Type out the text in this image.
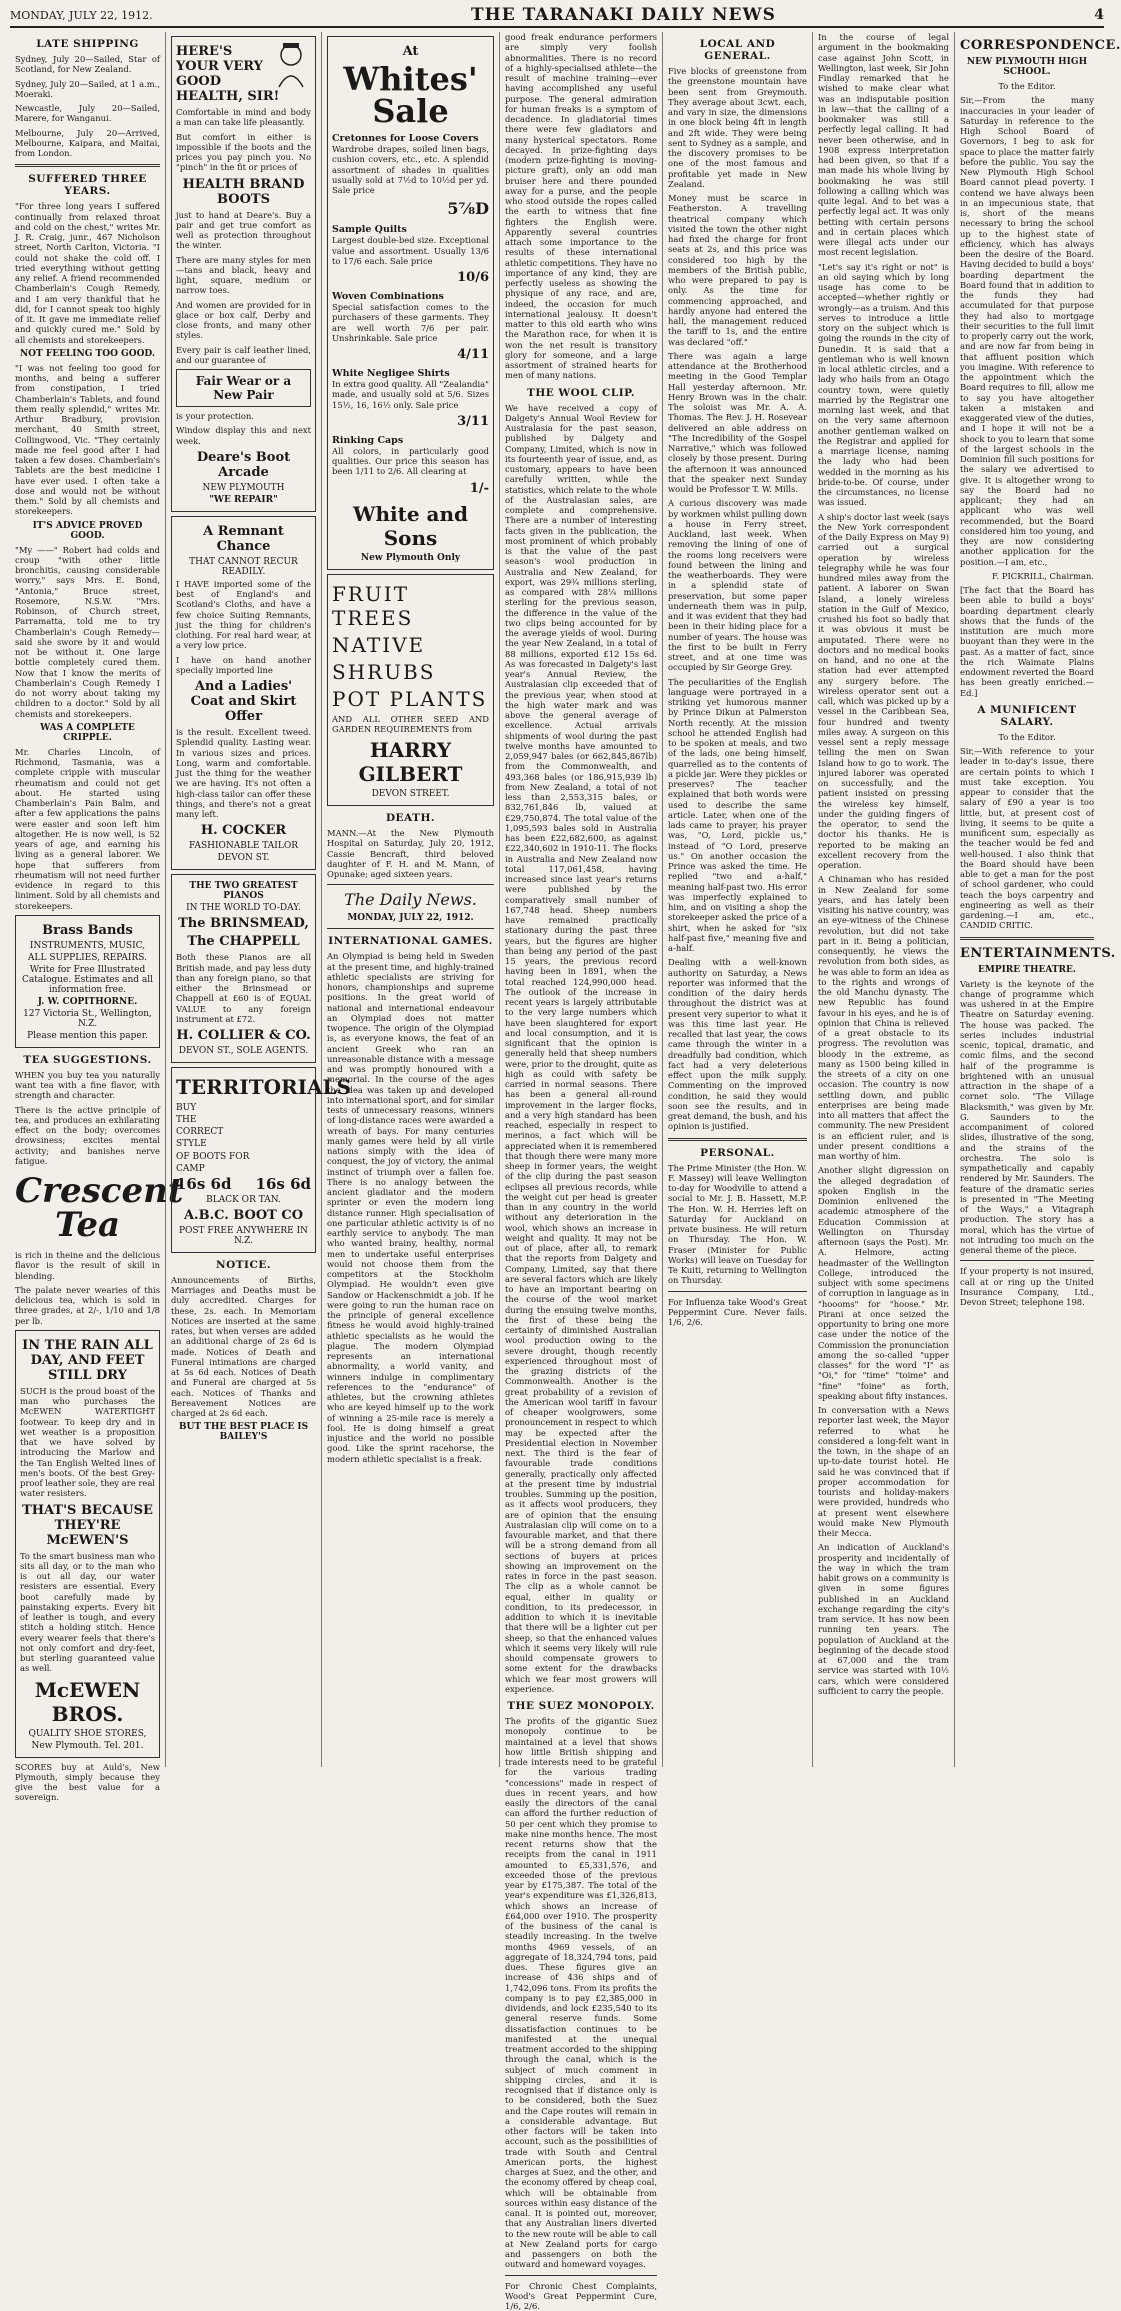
MONDAY, JULY 22, 1912.	THE TARANAKI DAILY NEWS	4
LATE SHIPPING

Sydney, July 20—Sailed, Star of Scotland, for New Zealand.

Sydney, July 20—Sailed, at 1 a.m., Moeraki.

Newcastle, July 20—Sailed, Marere, for Wanganui.

Melbourne, July 20—Arrived, Melbourne, Kaipara, and Maitai, from London.

SUFFERED THREE YEARS.

"For three long years I suffered continually from relaxed throat and cold on the chest," writes Mr. J. R. Craig, junr., 467 Nicholson street, North Carlton, Victoria. "I could not shake the cold off. I tried everything without getting any relief. A friend recommended Chamberlain's Cough Remedy, and I am very thankful that he did, for I cannot speak too highly of it. It gave me immediate relief and quickly cured me." Sold by all chemists and storekeepers.

NOT FEELING TOO GOOD.

"I was not feeling too good for months, and being a sufferer from constipation, I tried Chamberlain's Tablets, and found them really splendid," writes Mr. Arthur Bradbury, provision merchant, 40 Smith street, Collingwood, Vic. "They certainly made me feel good after I had taken a few doses. Chamberlain's Tablets are the best medicine I have ever used. I often take a dose and would not be without them." Sold by all chemists and storekeepers.

IT'S ADVICE PROVED GOOD.

"My ——" Robert had colds and croup "with other little bronchitis, causing considerable worry," says Mrs. E. Bond, "Antonia," Bruce street, Rosemore, N.S.W. "Mrs. Robinson, of Church street, Parramatta, told me to try Chamberlain's Cough Remedy—said she swore by it and would not be without it. One large bottle completely cured them. Now that I know the merits of Chamberlain's Cough Remedy I do not worry about taking my children to a doctor." Sold by all chemists and storekeepers.

WAS A COMPLETE CRIPPLE.

Mr. Charles Lincoln, of Richmond, Tasmania, was a complete cripple with muscular rheumatism and could not get about. He started using Chamberlain's Pain Balm, and after a few applications the pains were easier and soon left him altogether. He is now well, is 52 years of age, and earning his living as a general laborer. We hope that sufferers from rheumatism will not need further evidence in regard to this liniment. Sold by all chemists and storekeepers.

Brass Bands
INSTRUMENTS, MUSIC,
ALL SUPPLIES, REPAIRS.
Write for Free Illustrated Catalogue. Estimates and all information free.
J. W. COPITHORNE.
127 Victoria St., Wellington, N.Z.
Please mention this paper.
TEA SUGGESTIONS.

WHEN you buy tea you naturally want tea with a fine flavor, with strength and character.

There is the active principle of tea, and produces an exhilarating effect on the body; overcomes drowsiness; excites mental activity; and banishes nerve fatigue.

Crescent Tea

is rich in theine and the delicious flavor is the result of skill in blending.

The palate never wearies of this delicious tea, which is sold in three grades, at 2/-, 1/10 and 1/8 per lb.

IN THE RAIN ALL DAY, AND FEET STILL DRY

SUCH is the proud boast of the man who purchases the McEWEN WATERTIGHT footwear. To keep dry and in wet weather is a proposition that we have solved by introducing the Marlow and the Tan English Welted lines of men's boots. Of the best Grey-proof leather sole, they are real water resisters.

THAT'S BECAUSE THEY'RE McEWEN'S

To the smart business man who sits all day, or to the man who is out all day, our water resisters are essential. Every boot carefully made by painstaking experts. Every bit of leather is tough, and every stitch a holding stitch. Hence every wearer feels that there's not only comfort and dry-feet, but sterling guaranteed value as well.

McEWEN BROS.
QUALITY SHOE STORES,
New Plymouth. Tel. 201.

SCORES buy at Auld's, New Plymouth, simply because they give the best value for a sovereign.

HERE'S YOUR VERY GOOD HEALTH, SIR!

Comfortable in mind and body a man can take life pleasantly.

But comfort in either is impossible if the boots and the prices you pay pinch you. No "pinch" in the fit or prices of

HEALTH BRAND BOOTS

just to hand at Deare's. Buy a pair and get true comfort as well as protection throughout the winter.

There are many styles for men—tans and black, heavy and light, square, medium or narrow toes.

And women are provided for in glace or box calf, Derby and close fronts, and many other styles.

Every pair is calf leather lined, and our guarantee of

Fair Wear or a New Pair

is your protection.

Window display this and next week.

Deare's Boot Arcade
NEW PLYMOUTH
"WE REPAIR"
A Remnant Chance
THAT CANNOT RECUR READILY.

I HAVE imported some of the best of England's and Scotland's Cloths, and have a few choice Suiting Remnants, just the thing for children's clothing. For real hard wear, at a very low price.

I have on hand another specially imported line

And a Ladies' Coat and Skirt Offer

is the result. Excellent tweed. Splendid quality. Lasting wear. In various sizes and prices. Long, warm and comfortable. Just the thing for the weather we are having. It's not often a high-class tailor can offer these things, and there's not a great many left.

H. COCKER
FASHIONABLE TAILOR
DEVON ST.
THE TWO GREATEST PIANOS
IN THE WORLD TO-DAY.
The BRINSMEAD,
The CHAPPELL

Both these Pianos are all British made, and pay less duty than any foreign piano, so that either the Brinsmead or Chappell at £60 is of EQUAL VALUE to any foreign instrument at £72.

H. COLLIER & CO.
DEVON ST., SOLE AGENTS.
TERRITORIALS
BUY
THE
CORRECT
STYLE
OF BOOTS FOR
CAMP
16s 6d 16s 6d
BLACK OR TAN.
A.B.C. BOOT CO
POST FREE ANYWHERE IN N.Z.
NOTICE.

Announcements of Births, Marriages and Deaths must be duly accredited. Charges for these, 2s. each. In Memoriam Notices are inserted at the same rates, but when verses are added an additional charge of 2s 6d is made. Notices of Death and Funeral intimations are charged at 5s 6d each. Notices of Death and Funeral are charged at 5s each. Notices of Thanks and Bereavement Notices are charged at 2s 6d each.

BUT THE BEST PLACE IS BAILEY'S
At
Whites' Sale
Cretonnes for Loose Covers

Wardrobe drapes, soiled linen bags, cushion covers, etc., etc. A splendid assortment of shades in qualities usually sold at 7½d to 10½d per yd. Sale price

5⅞D
Sample Quilts

Largest double-bed size. Exceptional value and assortment. Usually 13/6 to 17/6 each. Sale price

10/6
Woven Combinations

Special satisfaction comes to the purchasers of these garments. They are well worth 7/6 per pair. Unshrinkable. Sale price

4/11
White Negligee Shirts

In extra good quality. All "Zealandia" made, and usually sold at 5/6. Sizes 15½, 16, 16½ only. Sale price

3/11
Rinking Caps

All colors, in particularly good qualities. Our price this season has been 1/11 to 2/6. All clearing at

1/-
White and Sons
New Plymouth Only
FRUIT TREES
NATIVE
SHRUBS
POT PLANTS

AND ALL OTHER SEED AND GARDEN REQUIREMENTS from

HARRY GILBERT
DEVON STREET.
DEATH.

MANN.—At the New Plymouth Hospital on Saturday, July 20, 1912, Cassie Bencraft, third beloved daughter of F. H. and M. Mann, of Opunake; aged sixteen years.

The Daily News.
MONDAY, JULY 22, 1912.
INTERNATIONAL GAMES.

An Olympiad is being held in Sweden at the present time, and highly-trained athletic specialists are striving for honors, championships and supreme positions. In the great world of national and international endeavour an Olympiad does not matter twopence. The origin of the Olympiad is, as everyone knows, the feat of an ancient Greek who ran an unreasonable distance with a message and was promptly honoured with a memorial. In the course of the ages the idea was taken up and developed into international sport, and for similar tests of unnecessary reasons, winners of long-distance races were awarded a wreath of bays. For many centuries manly games were held by all virile nations simply with the idea of conquest, the joy of victory, the animal instinct of triumph over a fallen foe. There is no analogy between the ancient gladiator and the modern sprinter or even the modern long distance runner. High specialisation of one particular athletic activity is of no earthly service to anybody. The man who wanted brainy, healthy, normal men to undertake useful enterprises would not choose them from the competitors at the Stockholm Olympiad. He wouldn't even give Sandow or Hackenschmidt a job. If he were going to run the human race on the principle of general excellence fitness he would avoid highly-trained athletic specialists as he would the plague. The modern Olympiad represents an international abnormality, a world vanity, and winners indulge in complimentary references to the "endurance" of athletes, but the crowning athletes who are keyed himself up to the work of winning a 25-mile race is merely a fool. He is doing himself a great injustice and the world no possible good. Like the sprint racehorse, the modern athletic specialist is a freak.

good freak endurance performers are simply very foolish abnormalities. There is no record of a highly-specialised athlete—the result of machine training—ever having accomplished any useful purpose. The general admiration for human freaks is a symptom of decadence. In gladiatorial times there were few gladiators and many hysterical spectators. Rome decayed. In prize-fighting days (modern prize-fighting is moving-picture graft), only an odd man bruiser here and there pounded away for a purse, and the people who stood outside the ropes called the earth to witness that fine fighters the English were. Apparently several countries attach some importance to the results of these international athletic competitions. They have no importance of any kind, they are perfectly useless as showing the physique of any race, and are, indeed, the occasion for much international jealousy. It doesn't matter to this old earth who wins the Marathon race, for when it is won the net result is transitory glory for someone, and a large assortment of strained hearts for men of many nations.

THE WOOL CLIP.

We have received a copy of Dalgety's Annual Wool Review for Australasia for the past season, published by Dalgety and Company, Limited, which is now in its fourteenth year of issue, and, as customary, appears to have been carefully written, while the statistics, which relate to the whole of the Australasian sales, are complete and comprehensive. There are a number of interesting facts given in the publication, the most prominent of which probably is that the value of the past season's wool production in Australia and New Zealand, for export, was 29¾ millions sterling, as compared with 28¼ millions sterling for the previous season, the difference in the value of the two clips being accounted for by the average yields of wool. During the year New Zealand, in a total of 88 millions, exported £12 15s 6d. As was forecasted in Dalgety's last year's Annual Review, the Australasian clip exceeded that of the previous year, when stood at the high water mark and was above the general average of excellence. Actual arrivals shipments of wool during the past twelve months have amounted to 2,059,947 bales (or 662,845,867lb) from the Commonwealth, and 493,368 bales (or 186,915,939 lb) from New Zealand, a total of not less than 2,553,315 bales, or 832,761,846 lb, valued at £29,750,874. The total value of the 1,095,593 bales sold in Australia has been £22,682,600, as against £22,340,602 in 1910-11. The flocks in Australia and New Zealand now total 117,061,458, having increased since last year's returns were published by the comparatively small number of 167,748 head. Sheep numbers have remained practically stationary during the past three years, but the figures are higher than being any period of the past 15 years, the previous record having been in 1891, when the total reached 124,990,000 head. The outlook of the increase in recent years is largely attributable to the very large numbers which have been slaughtered for export and local consumption, and it is significant that the opinion is generally held that sheep numbers were, prior to the drought, quite as high as could with safety be carried in normal seasons. There has been a general all-round improvement in the larger flocks, and a very high standard has been reached, especially in respect to merinos, a fact which will be appreciated when it is remembered that though there were many more sheep in former years, the weight of the clip during the past season eclipses all previous records, while the weight cut per head is greater than in any country in the world without any deterioration in the wool, which shows an increase in weight and quality. It may not be out of place, after all, to remark that the reports from Dalgety and Company, Limited, say that there are several factors which are likely to have an important bearing on the course of the wool market during the ensuing twelve months, the first of these being the certainty of diminished Australian wool production owing to the severe drought, though recently experienced throughout most of the grazing districts of the Commonwealth. Another is the great probability of a revision of the American wool tariff in favour of cheaper woolgrowers, some pronouncement in respect to which may be expected after the Presidential election in November next. The third is the fear of favourable trade conditions generally, practically only affected at the present time by industrial troubles. Summing up the position, as it affects wool producers, they are of opinion that the ensuing Australasian clip will come on to a favourable market, and that there will be a strong demand from all sections of buyers at prices showing an improvement on the rates in force in the past season. The clip as a whole cannot be equal, either in quality or condition, to its predecessor, in addition to which it is inevitable that there will be a lighter cut per sheep, so that the enhanced values which it seems very likely will rule should compensate growers to some extent for the drawbacks which we fear most growers will experience.

THE SUEZ MONOPOLY.

The profits of the gigantic Suez monopoly continue to be maintained at a level that shows how little British shipping and trade interests need to be grateful for the various trading "concessions" made in respect of dues in recent years, and how easily the directors of the canal can afford the further reduction of 50 per cent which they promise to make nine months hence. The most recent returns show that the receipts from the canal in 1911 amounted to £5,331,576, and exceeded those of the previous year by £175,387. The total of the year's expenditure was £1,326,813, which shows an increase of £64,000 over 1910. The prosperity of the business of the canal is steadily increasing. In the twelve months 4969 vessels, of an aggregate of 18,324,794 tons, paid dues. These figures give an increase of 436 ships and of 1,742,096 tons. From its profits the company is to pay £2,385,000 in dividends, and lock £235,540 to its general reserve funds. Some dissatisfaction continues to be manifested at the unequal treatment accorded to the shipping through the canal, which is the subject of much comment in shipping circles, and it is recognised that if distance only is to be considered, both the Suez and the Cape routes will remain in a considerable advantage. But other factors will be taken into account, such as the possibilities of trade with South and Central American ports, the highest charges at Suez, and the other, and the economy offered by cheap coal, which will be obtainable from sources within easy distance of the canal. It is pointed out, moreover, that any Australian liners diverted to the new route will be able to call at New Zealand ports for cargo and passengers on both the outward and homeward voyages.

For Chronic Chest Complaints, Wood's Great Peppermint Cure, 1/6, 2/6.

LOCAL AND GENERAL.

Five blocks of greenstone from the greenstone mountain have been sent from Greymouth. They average about 3cwt. each, and vary in size, the dimensions in one block being 4ft in length and 2ft wide. They were being sent to Sydney as a sample, and the discovery promises to be one of the most famous and profitable yet made in New Zealand.

Money must be scarce in Featherston. A travelling theatrical company which visited the town the other night had fixed the charge for front seats at 2s, and this price was considered too high by the members of the British public, who were prepared to pay is only. As the time for commencing approached, and hardly anyone had entered the hall, the management reduced the tariff to 1s, and the entire was declared "off."

There was again a large attendance at the Brotherhood meeting in the Good Templar Hall yesterday afternoon. Mr. Henry Brown was in the chair. The soloist was Mr. A. A. Thomas. The Rev. J. H. Rosevear delivered an able address on "The Incredibility of the Gospel Narrative," which was followed closely by those present. During the afternoon it was announced that the speaker next Sunday would be Professor T. W. Mills.

A curious discovery was made by workmen whilst pulling down a house in Ferry street, Auckland, last week. When removing the lining of one of the rooms long receivers were found between the lining and the weatherboards. They were in a splendid state of preservation, but some paper underneath them was in pulp, and it was evident that they had been in their hiding place for a number of years. The house was the first to be built in Ferry street, and at one time was occupied by Sir George Grey.

The peculiarities of the English language were portrayed in a striking yet humorous manner by Prince Dikun at Palmerston North recently. At the mission school he attended English had to be spoken at meals, and two of the lads, one being himself, quarrelled as to the contents of a pickle jar. Were they pickles or preserves? The teacher explained that both words were used to describe the same article. Later, when one of the lads came to prayer, his prayer was, "O, Lord, pickle us," instead of "O Lord, preserve us." On another occasion the Prince was asked the time. He replied "two and a-half," meaning half-past two. His error was imperfectly explained to him, and on visiting a shop the storekeeper asked the price of a shirt, when he asked for "six half-past five," meaning five and a-half.

Dealing with a well-known authority on Saturday, a News reporter was informed that the condition of the dairy herds throughout the district was at present very superior to what it was this time last year. He recalled that last year, the cows came through the winter in a dreadfully bad condition, which fact had a very deleterious effect upon the milk supply. Commenting on the improved condition, he said they would soon see the results, and in great demand, the bush, and his opinion is justified.

PERSONAL.

The Prime Minister (the Hon. W. F. Massey) will leave Wellington to-day for Woodville to attend a social to Mr. J. B. Hassett, M.P. The Hon. W. H. Herries left on Saturday for Auckland on private business. He will return on Thursday. The Hon. W. Fraser (Minister for Public Works) will leave on Tuesday for Te Kuiti, returning to Wellington on Thursday.

For Influenza take Wood's Great Peppermint Cure. Never fails. 1/6, 2/6.

In the course of legal argument in the bookmaking case against John Scott, in Wellington, last week, Sir John Findlay remarked that he wished to make clear what was an indisputable position in law—that the calling of a bookmaker was still a perfectly legal calling. It had never been otherwise, and in 1908 express interpretation had been given, so that if a man made his whole living by bookmaking he was still following a calling which was quite legal. And to bet was a perfectly legal act. It was only betting with certain persons and in certain places which were illegal acts under our most recent legislation.

"Let's say it's right or not" is an old saying which by long usage has come to be accepted—whether rightly or wrongly—as a truism. And this serves to introduce a little story on the subject which is going the rounds in the city of Dunedin. It is said that a gentleman who is well known in local athletic circles, and a lady who hails from an Otago country town, were quietly married by the Registrar one morning last week, and that on the very same afternoon another gentleman walked on the Registrar and applied for a marriage license, naming the lady who had been wedded in the morning as his bride-to-be. Of course, under the circumstances, no license was issued.

A ship's doctor last week (says the New York correspondent of the Daily Express on May 9) carried out a surgical operation by wireless telegraphy while he was four hundred miles away from the patient. A laborer on Swan Island, a lonely wireless station in the Gulf of Mexico, crushed his foot so badly that it was obvious it must be amputated. There were no doctors and no medical books on hand, and no one at the station had ever attempted any surgery before. The wireless operator sent out a call, which was picked up by a vessel in the Caribbean Sea, four hundred and twenty miles away. A surgeon on this vessel sent a reply message telling the men on Swan Island how to go to work. The injured laborer was operated on successfully, and the patient insisted on pressing the wireless key himself, under the guiding fingers of the operator, to send the doctor his thanks. He is reported to be making an excellent recovery from the operation.

A Chinaman who has resided in New Zealand for some years, and has lately been visiting his native country, was an eye-witness of the Chinese revolution, but did not take part in it. Being a politician, consequently, he views the revolution from both sides, as he was able to form an idea as to the rights and wrongs of the old Manchu dynasty. The new Republic has found favour in his eyes, and he is of opinion that China is relieved of a great obstacle to its progress. The revolution was bloody in the extreme, as many as 1500 being killed in the streets of a city on one occasion. The country is now settling down, and public enterprises are being made into all matters that affect the community. The new President is an efficient ruler, and is under present conditions a man worthy of him.

Another slight digression on the alleged degradation of spoken English in the Dominion enlivened the academic atmosphere of the Education Commission at Wellington on Thursday afternoon (says the Post). Mr. A. Helmore, acting headmaster of the Wellington College, introduced the subject with some specimens of corruption in language as in "hoooms" for "hoose." Mr. Pirani at once seized the opportunity to bring one more case under the notice of the Commission the pronunciation among the so-called "upper classes" for the word "I" as "Oi," for "time" "toime" and "fine" "foine" as forth, speaking about fifty instances.

In conversation with a News reporter last week, the Mayor referred to what he considered a long-felt want in the town, in the shape of an up-to-date tourist hotel. He said he was convinced that if proper accommodation for tourists and holiday-makers were provided, hundreds who at present went elsewhere would make New Plymouth their Mecca.

An indication of Auckland's prosperity and incidentally of the way in which the tram habit grows on a community is given in some figures published in an Auckland exchange regarding the city's tram service. It has now been running ten years. The population of Auckland at the beginning of the decade stood at 67,000 and the tram service was started with 10½ cars, which were considered sufficient to carry the people.

CORRESPONDENCE.
NEW PLYMOUTH HIGH SCHOOL.

To the Editor.

Sir,—From the many inaccuracies in your leader of Saturday in reference to the High School Board of Governors, I beg to ask for space to place the matter fairly before the public. You say the New Plymouth High School Board cannot plead poverty. I contend we have always been in an impecunious state, that is, short of the means necessary to bring the school up to the highest state of efficiency, which has always been the desire of the Board. Having decided to build a boys' boarding department the Board found that in addition to the funds they had accumulated for that purpose they had also to mortgage their securities to the full limit to properly carry out the work, and are now far from being in that affluent position which you imagine. With reference to the appointment which the Board requires to fill, allow me to say you have altogether taken a mistaken and exaggerated view of the duties, and I hope it will not be a shock to you to learn that some of the largest schools in the Dominion fill such positions for the salary we advertised to give. It is altogether wrong to say the Board had no applicant; they had an applicant who was well recommended, but the Board considered him too young, and they are now considering another application for the position.—I am, etc.,

F. PICKRILL, Chairman.

[The fact that the Board has been able to build a boys' boarding department clearly shows that the funds of the institution are much more buoyant than they were in the past. As a matter of fact, since the rich Waimate Plains endowment reverted the Board has been greatly enriched.—Ed.]

A MUNIFICENT SALARY.

To the Editor.

Sir,—With reference to your leader in to-day's issue, there are certain points to which I must take exception. You appear to consider that the salary of £90 a year is too little, but, at present cost of living, it seems to be quite a munificent sum, especially as the teacher would be fed and well-housed. I also think that the Board should have been able to get a man for the post of school gardener, who could teach the boys carpentry and engineering as well as their gardening.—I am, etc., CANDID CRITIC.

ENTERTAINMENTS.
EMPIRE THEATRE.

Variety is the keynote of the change of programme which was ushered in at the Empire Theatre on Saturday evening. The house was packed. The series includes industrial scenic, topical, dramatic, and comic films, and the second half of the programme is brightened with an unusual attraction in the shape of a cornet solo. "The Village Blacksmith," was given by Mr. G. Saunders to the accompaniment of colored slides, illustrative of the song, and the strains of the orchestra. The solo is sympathetically and capably rendered by Mr. Saunders. The feature of the dramatic series is presented in "The Meeting of the Ways," a Vitagraph production. The story has a moral, which has the virtue of not intruding too much on the general theme of the piece.

If your property is not insured, call at or ring up the United Insurance Company, Ltd., Devon Street; telephone 198.
